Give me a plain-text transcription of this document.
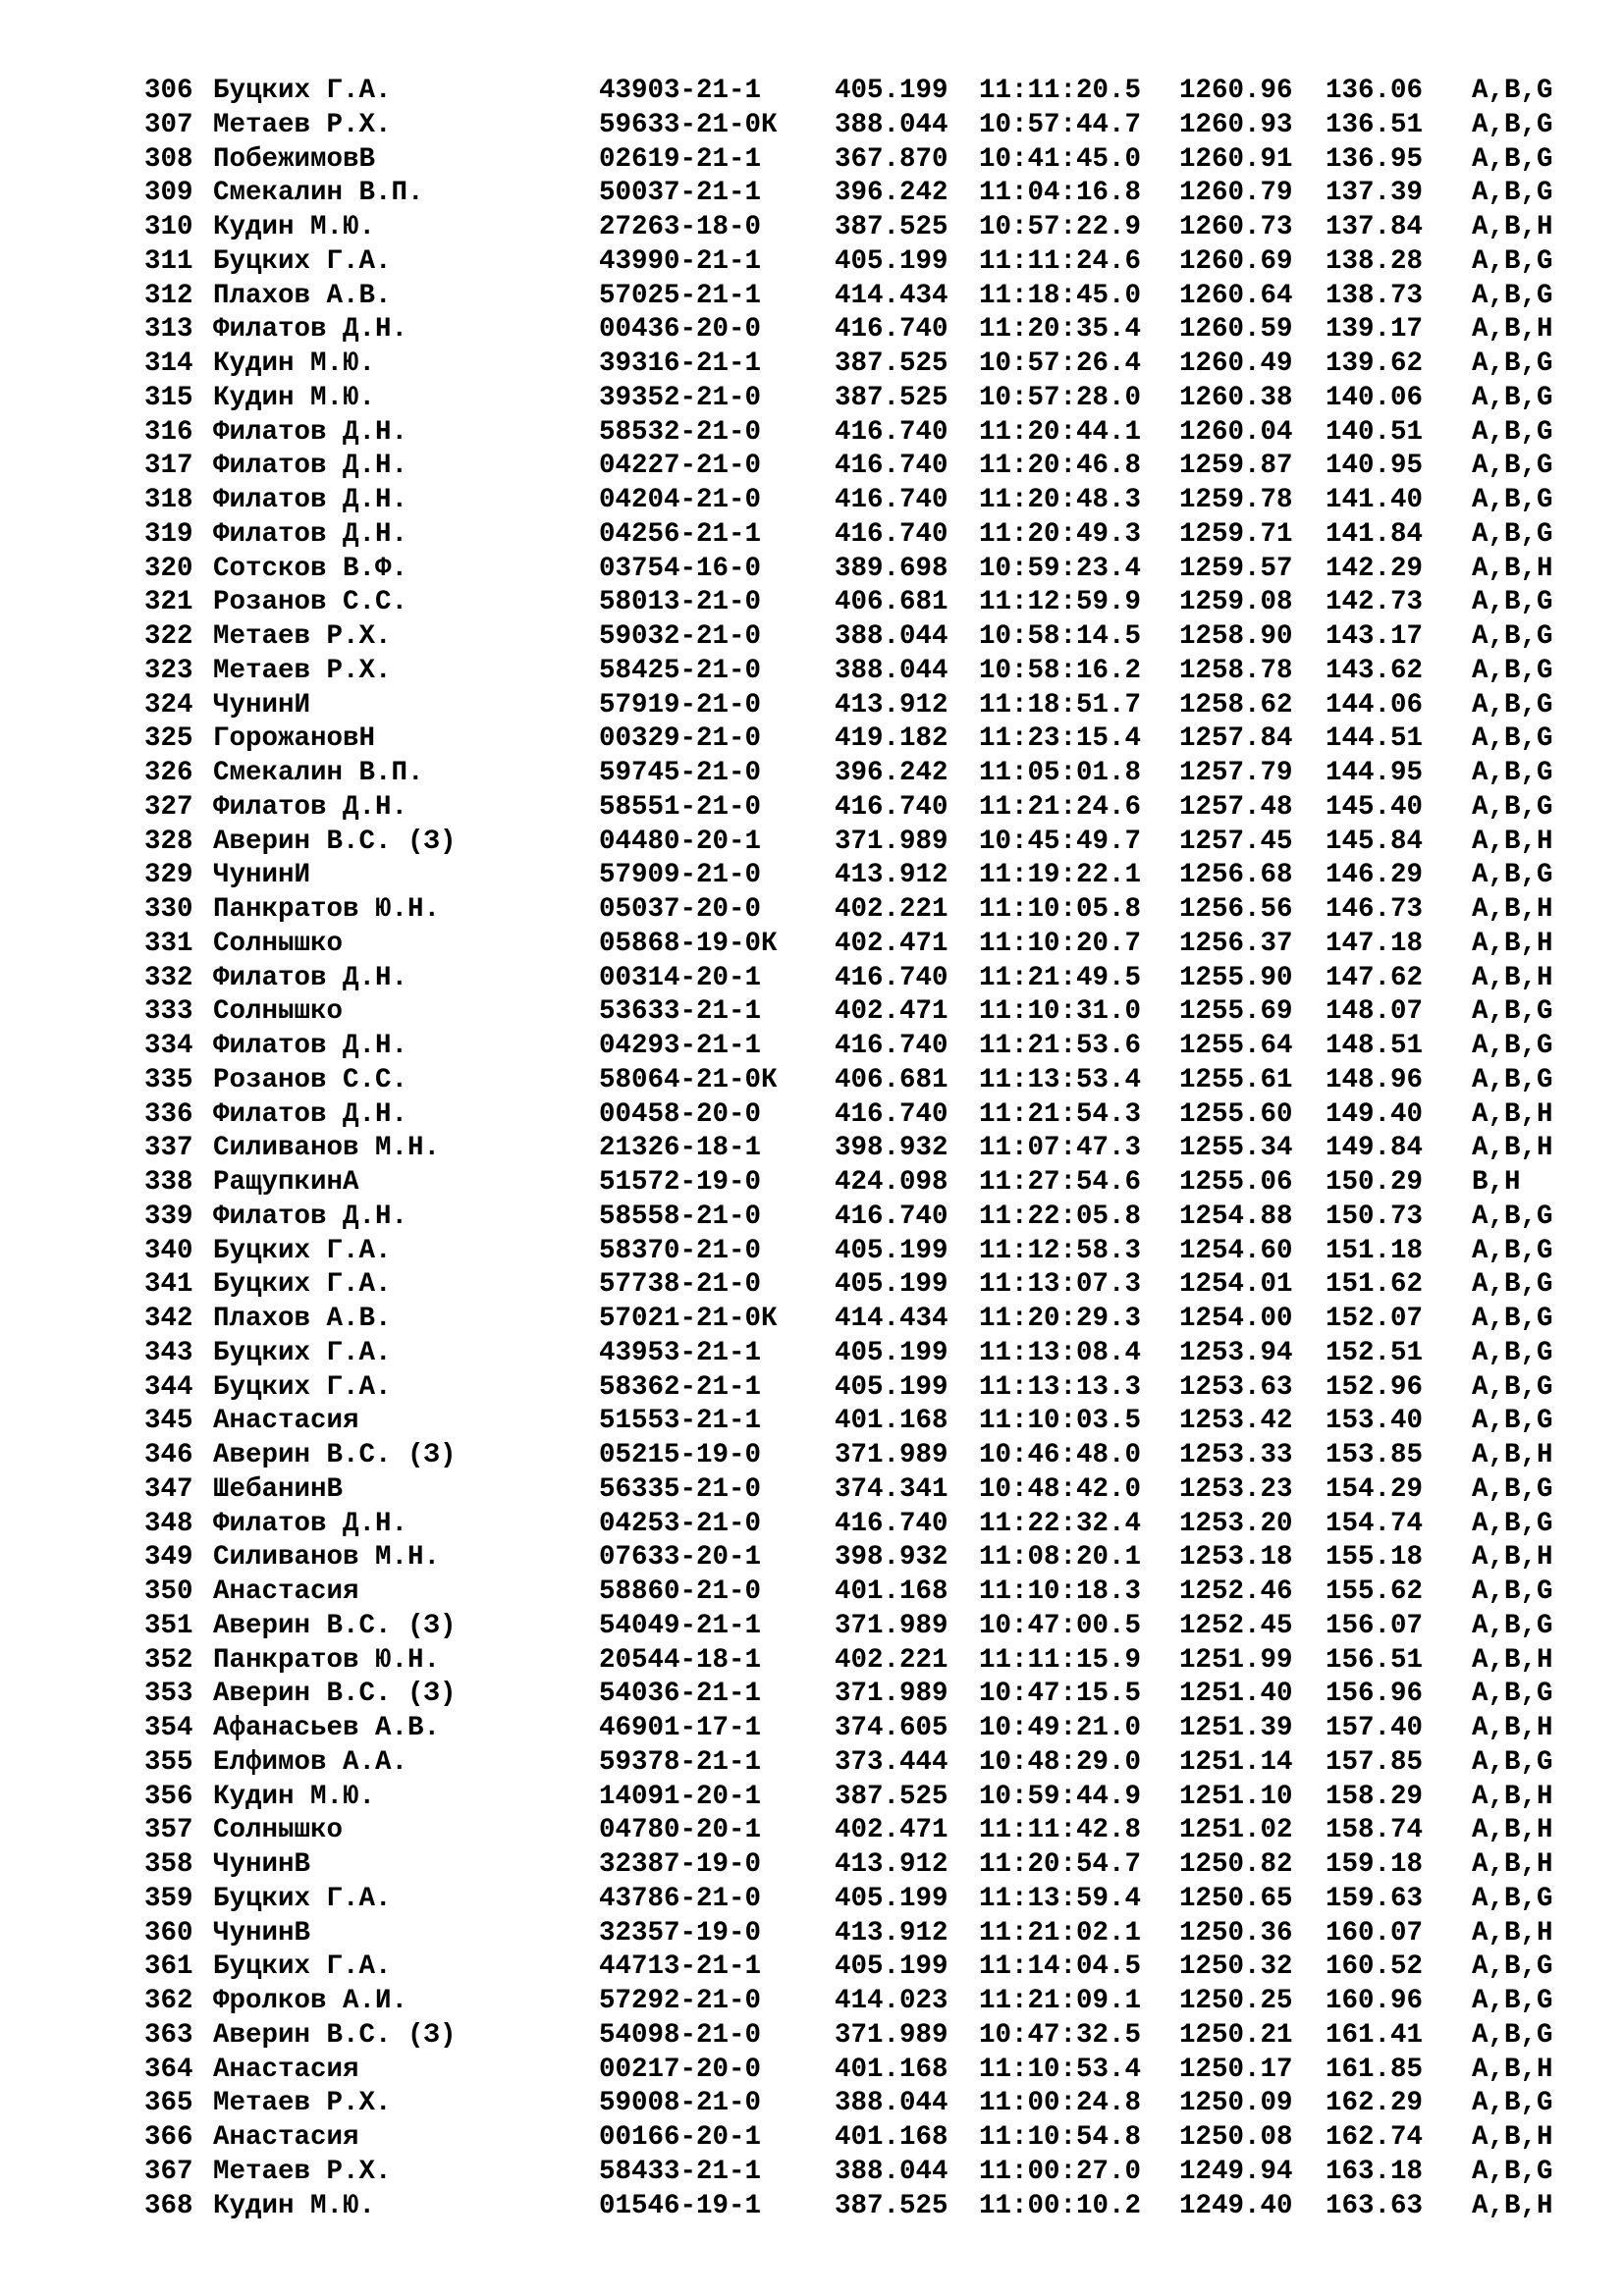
306 Буцких Г.А.	43903-21-1	405.199 11:11:20.5 1260.96 136.06 A,B,G
307 Метаев Р.Х.	59633-21-0К 388.044 10:57:44.7 1260.93 136.51 A,B,G
308 ПобежимовВ	02619-21-1	367.870 10:41:45.0 1260.91 136.95 A,B,G
309 Смекалин В.П.	50037-21-1	396.242 11:04:16.8 1260.79 137.39 A,B,G
310 Кудин М.Ю.	27263-18-0	387.525 10:57:22.9 1260.73 137.84 A,B,H
311 Буцких Г.А.	43990-21-1	405.199 11:11:24.6 1260.69 138.28 A,B,G
312 Плахов А.В.	57025-21-1	414.434 11:18:45.0 1260.64 138.73 A,B,G
313 Филатов Д.Н.	00436-20-0	416.740 11:20:35.4 1260.59 139.17 A,B,H
314 Кудин М.Ю.	39316-21-1	387.525 10:57:26.4 1260.49 139.62 A,B,G
315 Кудин М.Ю.	39352-21-0	387.525 10:57:28.0 1260.38 140.06 A,B,G
316 Филатов Д.Н.	58532-21-0	416.740 11:20:44.1 1260.04 140.51 A,B,G
317 Филатов Д.Н.	04227-21-0	416.740 11:20:46.8 1259.87 140.95 A,B,G
318 Филатов Д.Н.	04204-21-0	416.740 11:20:48.3 1259.78 141.40 A,B,G
319 Филатов Д.Н.	04256-21-1	416.740 11:20:49.3 1259.71 141.84 A,B,G
320 Сотсков В.Ф.	03754-16-0	389.698 10:59:23.4 1259.57 142.29 A,B,H
321 Розанов С.С.	58013-21-0	406.681 11:12:59.9 1259.08 142.73 A,B,G
322 Метаев Р.Х.	59032-21-0	388.044 10:58:14.5 1258.90 143.17 A,B,G
323 Метаев Р.Х.	58425-21-0	388.044 10:58:16.2 1258.78 143.62 A,B,G
324 ЧунинИ	57919-21-0	413.912 11:18:51.7 1258.62 144.06 A,B,G
325 ГорожановН	00329-21-0	419.182 11:23:15.4 1257.84 144.51 A,B,G
326 Смекалин В.П.	59745-21-0	396.242 11:05:01.8 1257.79 144.95 A,B,G
327 Филатов Д.Н.	58551-21-0	416.740 11:21:24.6 1257.48 145.40 A,B,G
328 Аверин В.С. (З)	04480-20-1	371.989 10:45:49.7 1257.45 145.84 A,B,H
329 ЧунинИ	57909-21-0	413.912 11:19:22.1 1256.68 146.29 A,B,G
330 Панкратов Ю.Н.	05037-20-0	402.221 11:10:05.8 1256.56 146.73 A,B,H
331 Солнышко	05868-19-0К 402.471 11:10:20.7 1256.37 147.18 A,B,H
332 Филатов Д.Н.	00314-20-1	416.740 11:21:49.5 1255.90 147.62 A,B,H
333 Солнышко	53633-21-1	402.471 11:10:31.0 1255.69 148.07 A,B,G
334 Филатов Д.Н.	04293-21-1	416.740 11:21:53.6 1255.64 148.51 A,B,G
335 Розанов С.С.	58064-21-0К 406.681 11:13:53.4 1255.61 148.96 A,B,G
336 Филатов Д.Н.	00458-20-0	416.740 11:21:54.3 1255.60 149.40 A,B,H
337 Силиванов М.Н.	21326-18-1	398.932 11:07:47.3 1255.34 149.84 A,B,H
338 РащупкинА	51572-19-0	424.098 11:27:54.6 1255.06 150.29 B,H
339 Филатов Д.Н.	58558-21-0	416.740 11:22:05.8 1254.88 150.73 A,B,G
340 Буцких Г.А.	58370-21-0	405.199 11:12:58.3 1254.60 151.18 A,B,G
341 Буцких Г.А.	57738-21-0	405.199 11:13:07.3 1254.01 151.62 A,B,G
342 Плахов А.В.	57021-21-0К 414.434 11:20:29.3 1254.00 152.07 A,B,G
343 Буцких Г.А.	43953-21-1	405.199 11:13:08.4 1253.94 152.51 A,B,G
344 Буцких Г.А.	58362-21-1	405.199 11:13:13.3 1253.63 152.96 A,B,G
345 Анастасия	51553-21-1	401.168 11:10:03.5 1253.42 153.40 A,B,G
346 Аверин В.С. (З)	05215-19-0	371.989 10:46:48.0 1253.33 153.85 A,B,H
347 ШебанинВ	56335-21-0	374.341 10:48:42.0 1253.23 154.29 A,B,G
348 Филатов Д.Н.	04253-21-0	416.740 11:22:32.4 1253.20 154.74 A,B,G
349 Силиванов М.Н.	07633-20-1	398.932 11:08:20.1 1253.18 155.18 A,B,H
350 Анастасия	58860-21-0	401.168 11:10:18.3 1252.46 155.62 A,B,G
351 Аверин В.С. (З)	54049-21-1	371.989 10:47:00.5 1252.45 156.07 A,B,G
352 Панкратов Ю.Н.	20544-18-1	402.221 11:11:15.9 1251.99 156.51 A,B,H
353 Аверин В.С. (З)	54036-21-1	371.989 10:47:15.5 1251.40 156.96 A,B,G
354 Афанасьев А.В.	46901-17-1	374.605 10:49:21.0 1251.39 157.40 A,B,H
355 Елфимов А.А.	59378-21-1	373.444 10:48:29.0 1251.14 157.85 A,B,G
356 Кудин М.Ю.	14091-20-1	387.525 10:59:44.9 1251.10 158.29 A,B,H
357 Солнышко	04780-20-1	402.471 11:11:42.8 1251.02 158.74 A,B,H
358 ЧунинВ	32387-19-0	413.912 11:20:54.7 1250.82 159.18 A,B,H
359 Буцких Г.А.	43786-21-0	405.199 11:13:59.4 1250.65 159.63 A,B,G
360 ЧунинВ	32357-19-0	413.912 11:21:02.1 1250.36 160.07 A,B,H
361 Буцких Г.А.	44713-21-1	405.199 11:14:04.5 1250.32 160.52 A,B,G
362 Фролков А.И.	57292-21-0	414.023 11:21:09.1 1250.25 160.96 A,B,G
363 Аверин В.С. (З)	54098-21-0	371.989 10:47:32.5 1250.21 161.41 A,B,G
364 Анастасия	00217-20-0	401.168 11:10:53.4 1250.17 161.85 A,B,H
365 Метаев Р.Х.	59008-21-0	388.044 11:00:24.8 1250.09 162.29 A,B,G
366 Анастасия	00166-20-1	401.168 11:10:54.8 1250.08 162.74 A,B,H
367 Метаев Р.Х.	58433-21-1	388.044 11:00:27.0 1249.94 163.18 A,B,G
368 Кудин М.Ю.	01546-19-1	387.525 11:00:10.2 1249.40 163.63 A,B,H
